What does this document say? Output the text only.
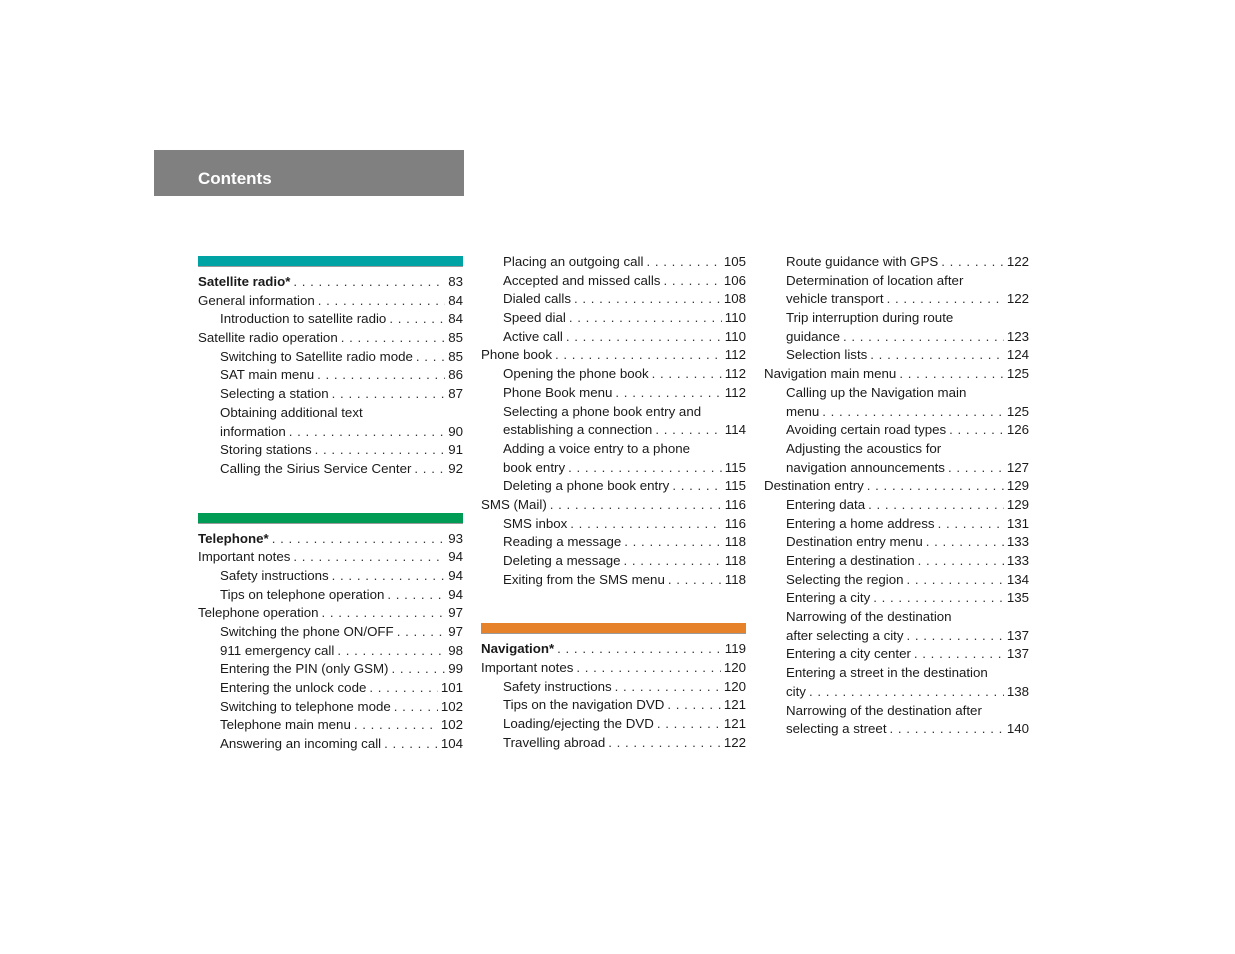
Contents
Satellite radio* . . .	83
General information . . .	84
Introduction to satellite radio . . .	84
Satellite radio operation . . .	85
Switching to Satellite radio mode . . .	85
SAT main menu . . .	86
Selecting a station . . .	87
Obtaining additional text
information . . .	90
Storing stations . . .	91
Calling the Sirius Service Center . . .	92
Telephone* . . .	93
Important notes . . .	94
Safety instructions . . .	94
Tips on telephone operation . . .	94
Telephone operation . . .	97
Switching the phone ON/OFF . . .	97
911 emergency call . . .	98
Entering the PIN (only GSM) . . .	99
Entering the unlock code . . .	101
Switching to telephone mode . . .	102
Telephone main menu . . .	102
Answering an incoming call . . .	104
Placing an outgoing call . . .	105
Accepted and missed calls . . .	106
Dialed calls . . .	108
Speed dial . . .	110
Active call . . .	110
Phone book . . .	112
Opening the phone book . . .	112
Phone Book menu . . .	112
Selecting a phone book entry and
establishing a connection . . .	114
Adding a voice entry to a phone
book entry . . .	115
Deleting a phone book entry . . .	115
SMS (Mail) . . .	116
SMS inbox . . .	116
Reading a message . . .	118
Deleting a message . . .	118
Exiting from the SMS menu . . .	118
Navigation* . . .	119
Important notes . . .	120
Safety instructions . . .	120
Tips on the navigation DVD . . .	121
Loading/ejecting the DVD . . .	121
Travelling abroad . . .	122
Route guidance with GPS . . .	122
Determination of location after
vehicle transport . . .	122
Trip interruption during route
guidance . . .	123
Selection lists . . .	124
Navigation main menu . . .	125
Calling up the Navigation main
menu . . .	125
Avoiding certain road types . . .	126
Adjusting the acoustics for
navigation announcements . . .	127
Destination entry . . .	129
Entering data . . .	129
Entering a home address . . .	131
Destination entry menu . . .	133
Entering a destination . . .	133
Selecting the region . . .	134
Entering a city . . .	135
Narrowing of the destination
after selecting a city . . .	137
Entering a city center . . .	137
Entering a street in the destination
city . . .	138
Narrowing of the destination after
selecting a street . . .	140
